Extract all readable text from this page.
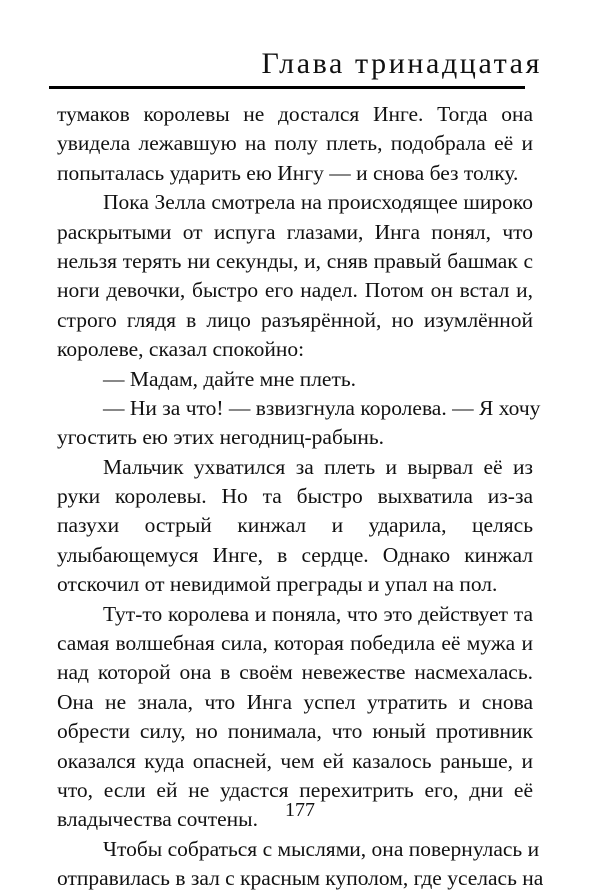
Глава тринадцатая
тумаков королевы не достался Инге. Тогда она
увидела лежавшую на полу плеть, подобрала её и
попыталась ударить ею Ингу — и снова без толку.
Пока Зелла смотрела на происходящее широко
раскрытыми от испуга глазами, Инга понял, что
нельзя терять ни секунды, и, сняв правый башмак с
ноги девочки, быстро его надел. Потом он встал и,
строго глядя в лицо разъярённой, но изумлённой
королеве, сказал спокойно:
— Мадам, дайте мне плеть.
— Ни за что! — взвизгнула королева. — Я хочу
угостить ею этих негодниц-рабынь.
Мальчик ухватился за плеть и вырвал её из
руки королевы. Но та быстро выхватила из-за
пазухи острый кинжал и ударила, целясь
улыбающемуся Инге, в сердце. Однако кинжал
отскочил от невидимой преграды и упал на пол.
Тут-то королева и поняла, что это действует та
самая волшебная сила, которая победила её мужа и
над которой она в своём невежестве насмехалась.
Она не знала, что Инга успел утратить и снова
обрести силу, но понимала, что юный противник
оказался куда опасней, чем ей казалось раньше, и
что, если ей не удастся перехитрить его, дни её
владычества сочтены.
Чтобы собраться с мыслями, она повернулась и
отправилась в зал с красным куполом, где уселась на
177
